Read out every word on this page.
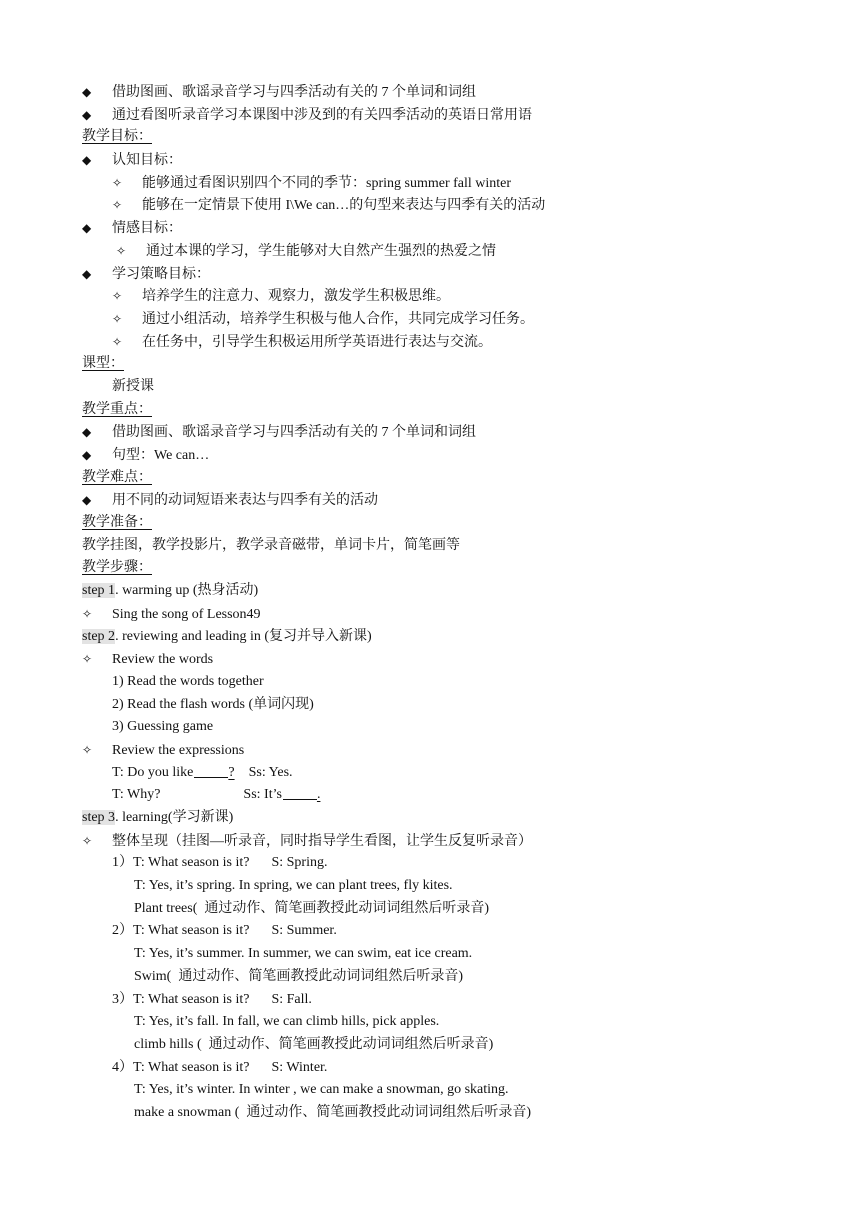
◆ 借助图画、歌谣录音学习与四季活动有关的 7 个单词和词组
◆ 通过看图听录音学习本课图中涉及到的有关四季活动的英语日常用语
教学目标：
◆ 认知目标：
✧ 能够通过看图识别四个不同的季节：spring summer fall winter
✧ 能够在一定情景下使用 I\We can…的句型来表达与四季有关的活动
◆ 情感目标：
✧ 通过本课的学习，学生能够对大自然产生强烈的热爱之情
◆ 学习策略目标：
✧ 培养学生的注意力、观察力，激发学生积极思维。
✧ 通过小组活动，培养学生积极与他人合作，共同完成学习任务。
✧ 在任务中，引导学生积极运用所学英语进行表达与交流。
课型：
新授课
教学重点：
◆ 借助图画、歌谣录音学习与四季活动有关的 7 个单词和词组
◆ 句型：We can…
教学难点：
◆ 用不同的动词短语来表达与四季有关的活动
教学准备：
教学挂图，教学投影片，教学录音磁带，单词卡片，简笔画等
教学步骤：
step 1. warming up (热身活动)
✧ Sing the song of Lesson49
step 2. reviewing and leading in (复习并导入新课)
✧ Review the words
1) Read the words together
2) Read the flash words (单词闪现)
3) Guessing game
✧ Review the expressions
T: Do you like	? Ss: Yes.
T: Why?	Ss: It’s	.
step 3. learning(学习新课)
✧ 整体呈现（挂图—听录音，同时指导学生看图，让学生反复听录音）
1）T: What season is it? S: Spring.
T: Yes, it’s spring. In spring, we can plant trees, fly kites.
Plant trees(  通过动作、简笔画教授此动词词组然后听录音)
2）T: What season is it? S: Summer.
T: Yes, it’s summer. In summer, we can swim, eat ice cream.
Swim(  通过动作、简笔画教授此动词词组然后听录音)
3）T: What season is it? S: Fall.
T: Yes, it’s fall. In fall, we can climb hills, pick apples.
climb hills (  通过动作、简笔画教授此动词词组然后听录音)
4）T: What season is it? S: Winter.
T: Yes, it’s winter. In winter , we can make a snowman, go skating.
make a snowman (  通过动作、简笔画教授此动词词组然后听录音)
